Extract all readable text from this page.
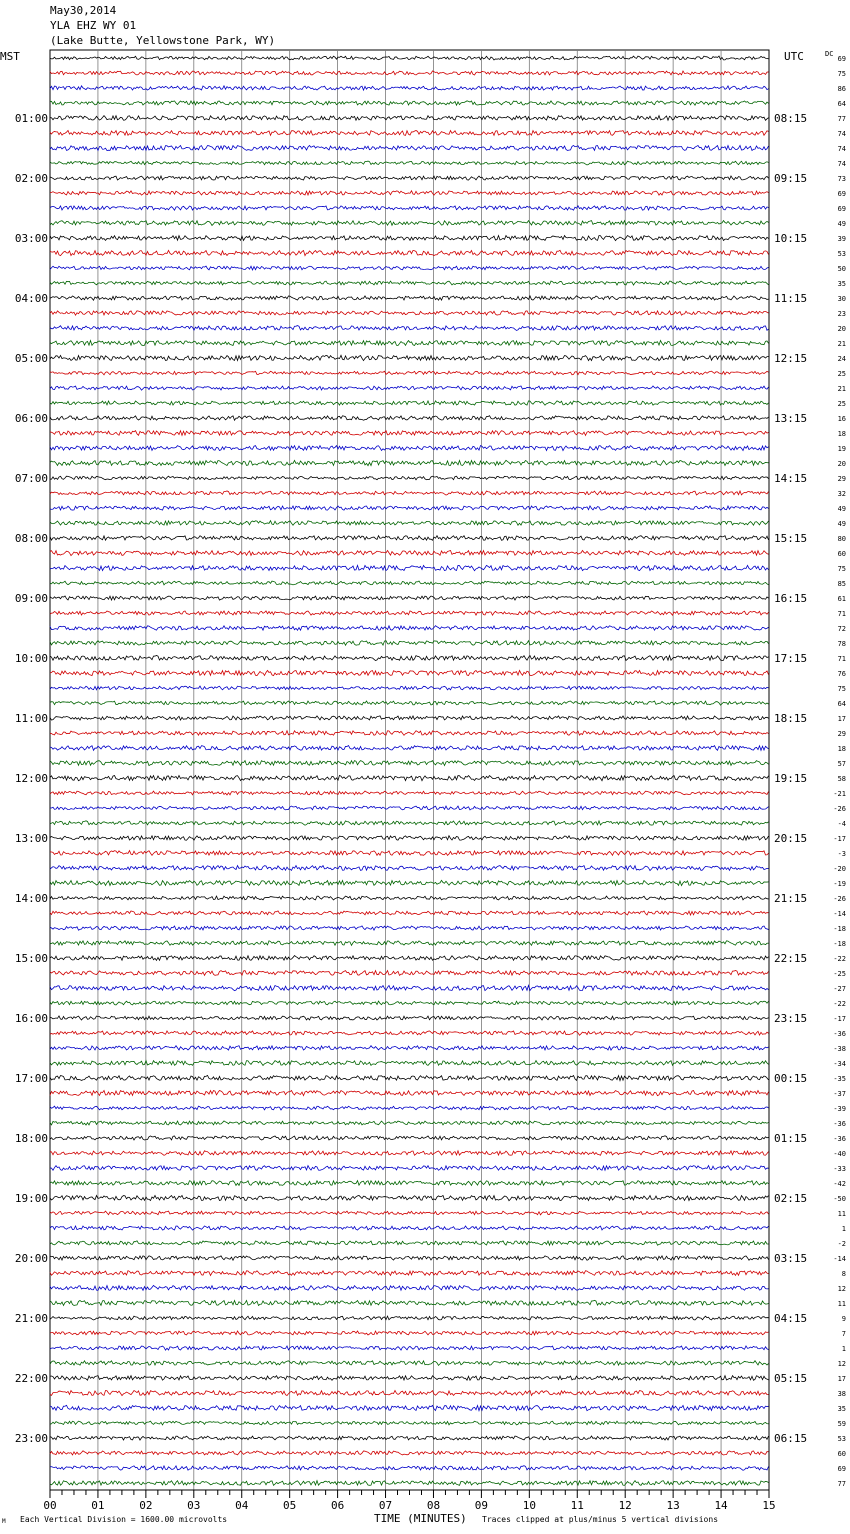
May30,2014
YLA EHZ WY 01
(Lake Butte, Yellowstone Park, WY)
MST	UTC	DC
69
75
86
64
77
74
74
74
73
69
69
49
39
53
50
35
30
23
20
21
24
25
21
25
16
18
19
20
29
32
49
49
80
60
75
85
61
71
72
78
71
76
75
64
17
29
18
57
58
-21
-26
-4
-17
-3
-20
-19
-26
-14
-18
-18
-22
-25
-27
-22
-17
-36
-38
-34
-35
-37
-39
-36
-36
-40
-33
-42
-50
11
1
-2
-14
8
12
11
9
7
1
12
17
38
35
59
53
60
69
77
01:00
02:00
03:00
04:00
05:00
06:00
07:00
08:00
09:00
10:00
11:00
12:00
13:00
14:00
15:00
16:00
17:00
18:00
19:00
20:00
21:00
22:00
23:00
08:15
09:15
10:15
11:15
12:15
13:15
14:15
15:15
16:15
17:15
18:15
19:15
20:15
21:15
22:15
23:15
00:15
01:15
02:15
03:15
04:15
05:15
06:15
00	01	02	03	04	05	06	07	08	09	10	11	12	13	14	15
M Each Vertical Division = 1600.00 microvolts	TIME (MINUTES) Traces clipped at plus/minus 5 vertical divisions
